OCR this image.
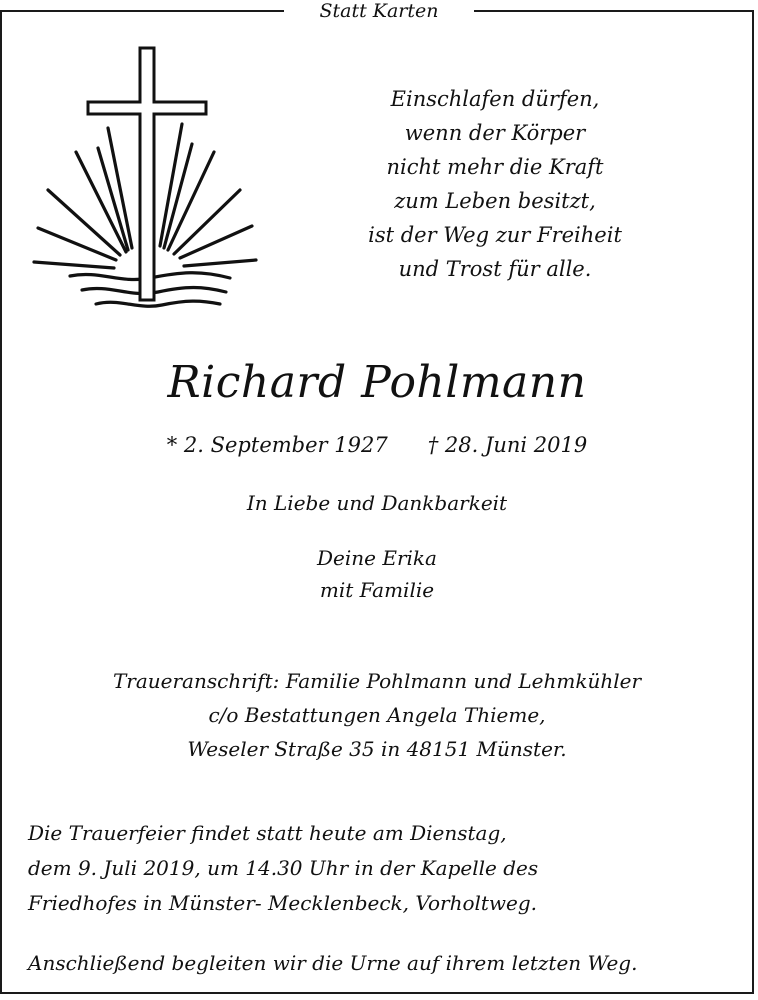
Statt Karten
Einschlafen dürfen,
wenn der Körper
nicht mehr die Kraft
zum Leben besitzt,
ist der Weg zur Freiheit
und Trost für alle.
Richard Pohlmann
* 2. September 1927 † 28. Juni 2019
In Liebe und Dankbarkeit
Deine Erika
mit Familie
Traueranschrift: Familie Pohlmann und Lehmkühler
c/o Bestattungen Angela Thieme,
Weseler Straße 35 in 48151 Münster.
Die Trauerfeier findet statt heute am Dienstag,
dem 9. Juli 2019, um 14.30 Uhr in der Kapelle des
Friedhofes in Münster- Mecklenbeck, Vorholtweg.
Anschließend begleiten wir die Urne auf ihrem letzten Weg.
